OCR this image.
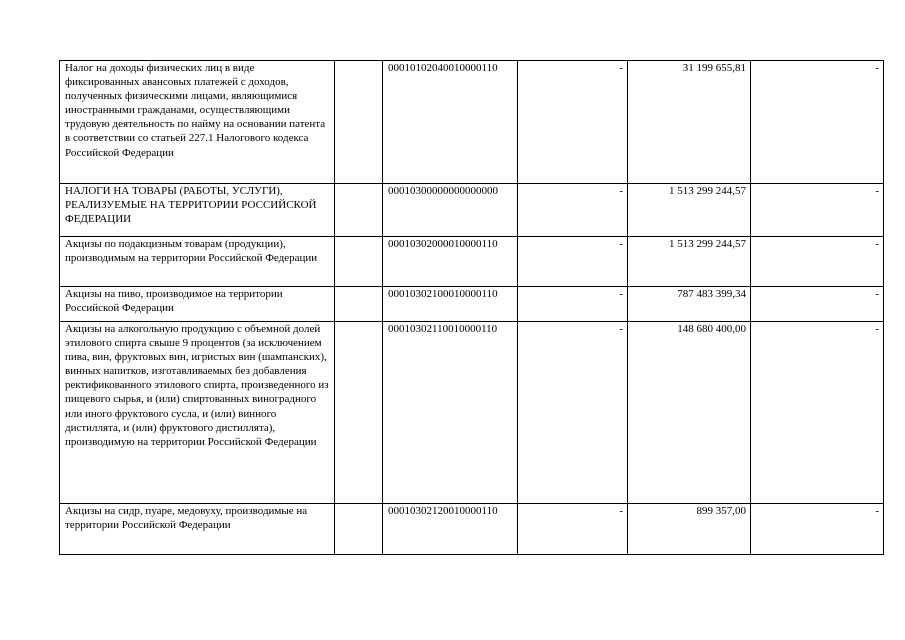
Налог на доходы физических лиц в виде фиксированных авансовых платежей с доходов, полученных физическими лицами, являющимися иностранными гражданами, осуществляющими трудовую деятельность по найму на основании патента в соответствии со статьей 227.1 Налогового кодекса Российской Федерации		00010102040010000110	-	31 199 655,81	-
НАЛОГИ НА ТОВАРЫ (РАБОТЫ, УСЛУГИ), РЕАЛИЗУЕМЫЕ НА ТЕРРИТОРИИ РОССИЙСКОЙ ФЕДЕРАЦИИ		00010300000000000000	-	1 513 299 244,57	-
Акцизы по подакцизным товарам (продукции), производимым на территории Российской Федерации		00010302000010000110	-	1 513 299 244,57	-
Акцизы на пиво, производимое на территории Российской Федерации		00010302100010000110	-	787 483 399,34	-
Акцизы на алкогольную продукцию с объемной долей этилового спирта свыше 9 процентов (за исключением пива, вин, фруктовых вин, игристых вин (шампанских), винных напитков, изготавливаемых без добавления ректификованного этилового спирта, произведенного из пищевого сырья, и (или) спиртованных виноградного или иного фруктового сусла, и (или) винного дистиллята, и (или) фруктового дистиллята), производимую на территории Российской Федерации		00010302110010000110	-	148 680 400,00	-
Акцизы на сидр, пуаре, медовуху, производимые на территории Российской Федерации		00010302120010000110	-	899 357,00	-
